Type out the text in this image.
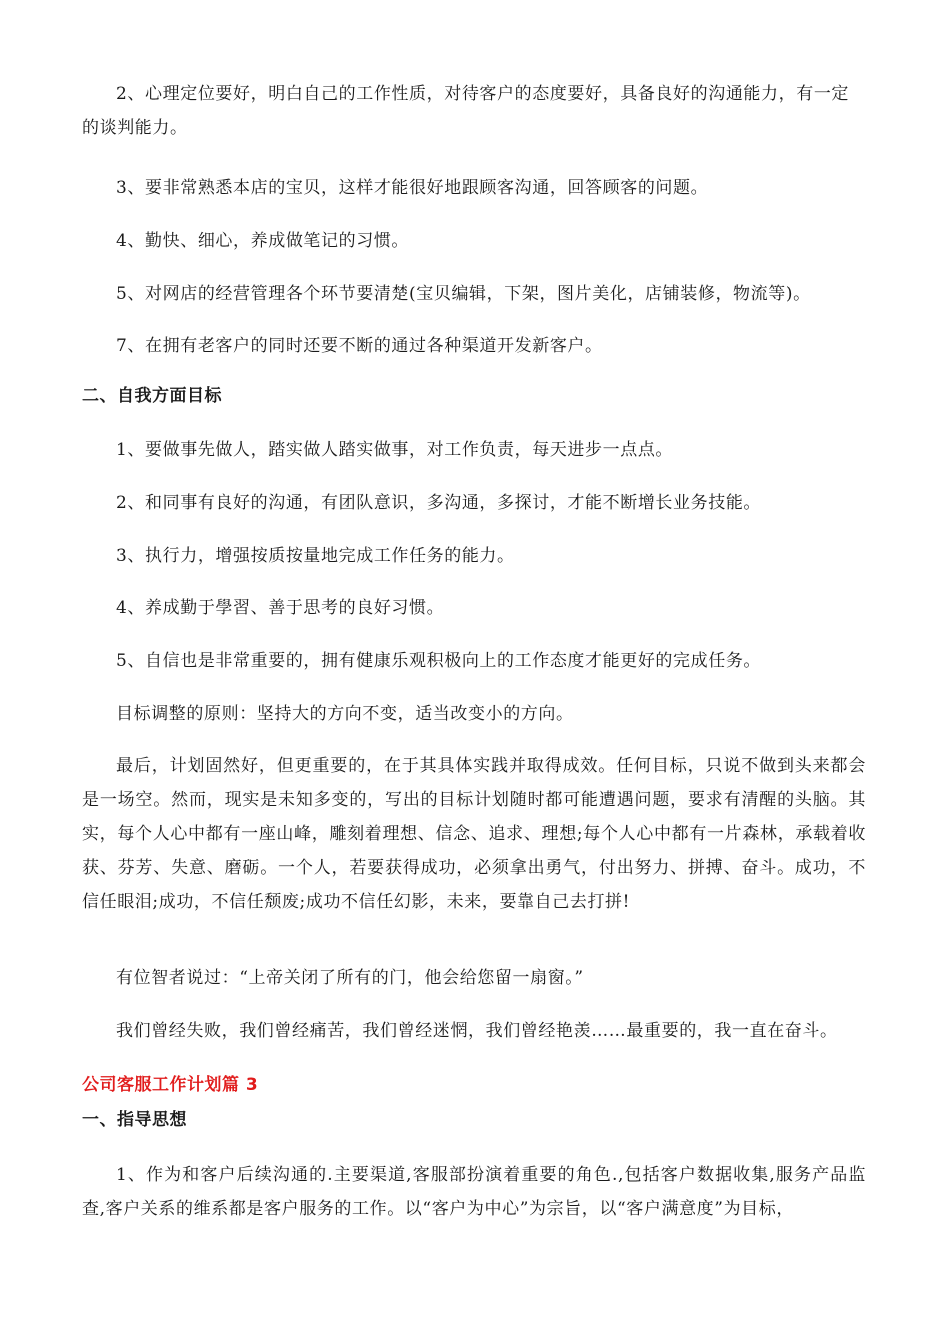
2、心理定位要好，明白自己的工作性质，对待客户的态度要好，具备良好的沟通能力，有一定的谈判能力。

3、要非常熟悉本店的宝贝，这样才能很好地跟顾客沟通，回答顾客的问题。

4、勤快、细心，养成做笔记的习惯。

5、对网店的经营管理各个环节要清楚(宝贝编辑，下架，图片美化，店铺装修，物流等)。

7、在拥有老客户的同时还要不断的通过各种渠道开发新客户。

二、自我方面目标

1、要做事先做人，踏实做人踏实做事，对工作负责，每天进步一点点。

2、和同事有良好的沟通，有团队意识，多沟通，多探讨，才能不断增长业务技能。

3、执行力，增强按质按量地完成工作任务的能力。

4、养成勤于學習、善于思考的良好习惯。

5、自信也是非常重要的，拥有健康乐观积极向上的工作态度才能更好的完成任务。

目标调整的原则：坚持大的方向不变，适当改变小的方向。

最后，计划固然好，但更重要的，在于其具体实践并取得成效。任何目标，只说不做到头来都会是一场空。然而，现实是未知多变的，写出的目标计划随时都可能遭遇问题，要求有清醒的头脑。其实，每个人心中都有一座山峰，雕刻着理想、信念、追求、理想;每个人心中都有一片森林，承载着收获、芬芳、失意、磨砺。一个人，若要获得成功，必须拿出勇气，付出努力、拼搏、奋斗。成功，不信任眼泪;成功，不信任颓废;成功不信任幻影，未来，要靠自己去打拼!

有位智者说过：“上帝关闭了所有的门，他会给您留一扇窗。”

我们曾经失败，我们曾经痛苦，我们曾经迷惘，我们曾经艳羡……最重要的，我一直在奋斗。

公司客服工作计划篇 3
一、指导思想

1、作为和客户后续沟通的.主要渠道,客服部扮演着重要的角色.,包括客户数据收集,服务产品监查,客户关系的维系都是客户服务的工作。以“客户为中心”为宗旨，以“客户满意度”为目标，
